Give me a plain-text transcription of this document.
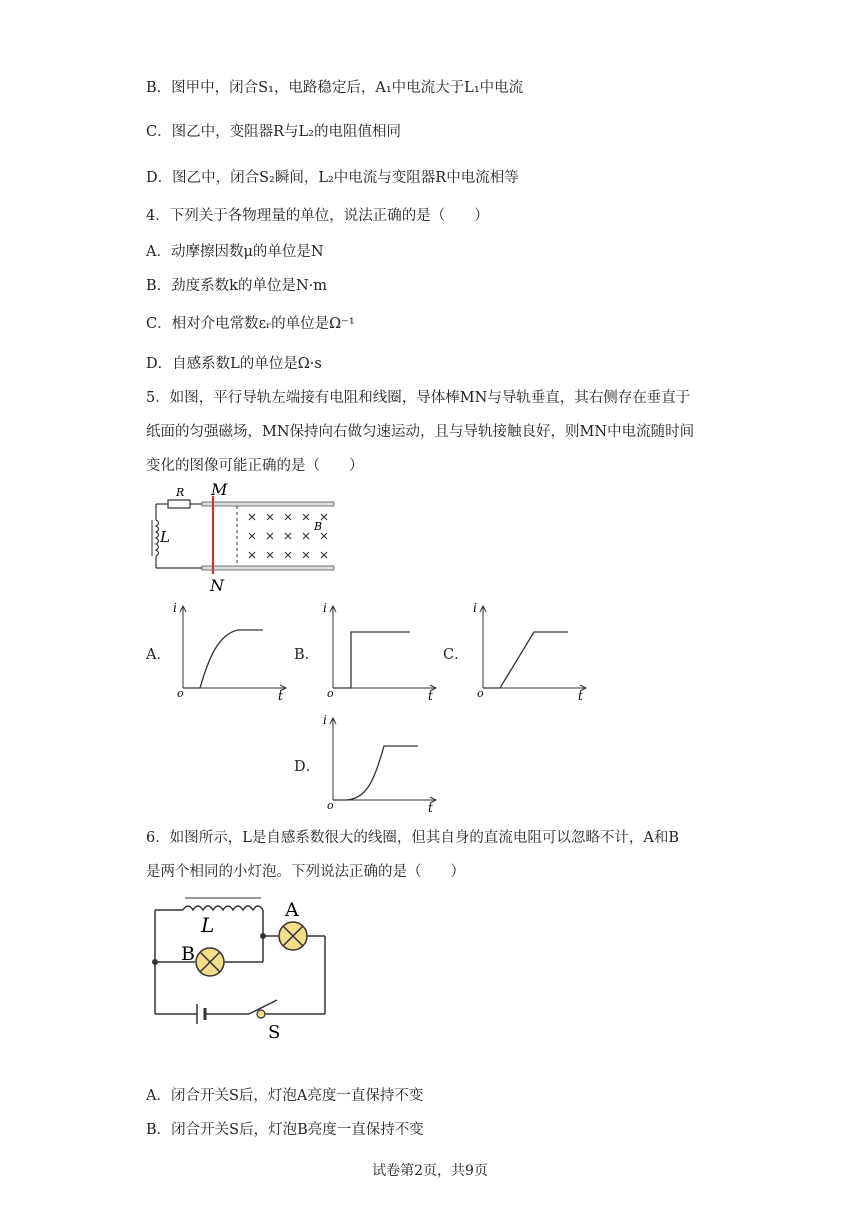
B．图甲中，闭合S₁，电路稳定后，A₁中电流大于L₁中电流
C．图乙中，变阻器R与L₂的电阻值相同
D．图乙中，闭合S₂瞬间，L₂中电流与变阻器R中电流相等
4．下列关于各物理量的单位，说法正确的是（　　）
A．动摩擦因数μ的单位是N
B．劲度系数k的单位是N·m
C．相对介电常数εᵣ的单位是Ω⁻¹
D．自感系数L的单位是Ω·s
5．如图，平行导轨左端接有电阻和线圈，导体棒MN与导轨垂直，其右侧存在垂直于
纸面的匀强磁场，MN保持向右做匀速运动，且与导轨接触良好，则MN中电流随时间
变化的图像可能正确的是（　　）
R
L
M
N
B
A．
i
o	t
B．
i
o	t
C．
i
o	t
D．
i
o	t
6．如图所示，L是自感系数很大的线圈，但其自身的直流电阻可以忽略不计，A和B
是两个相同的小灯泡。下列说法正确的是（　　）
L
A
B
S
A．闭合开关S后，灯泡A亮度一直保持不变
B．闭合开关S后，灯泡B亮度一直保持不变
试卷第2页，共9页
